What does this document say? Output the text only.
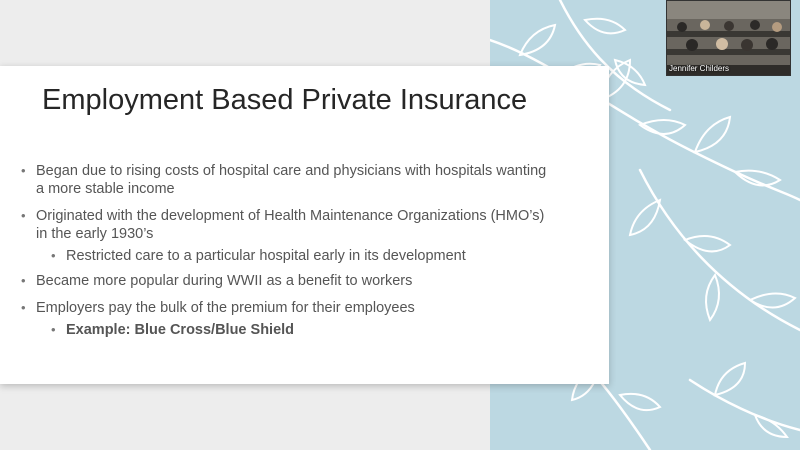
Employment Based Private Insurance
• Began due to rising costs of hospital care and physicians with hospitals wanting
a more stable income
• Originated with the development of Health Maintenance Organizations (HMO’s)
in the early 1930’s
• Restricted care to a particular hospital early in its development
• Became more popular during WWII as a benefit to workers
• Employers pay the bulk of the premium for their employees
• Example: Blue Cross/Blue Shield
Jennifer Childers
